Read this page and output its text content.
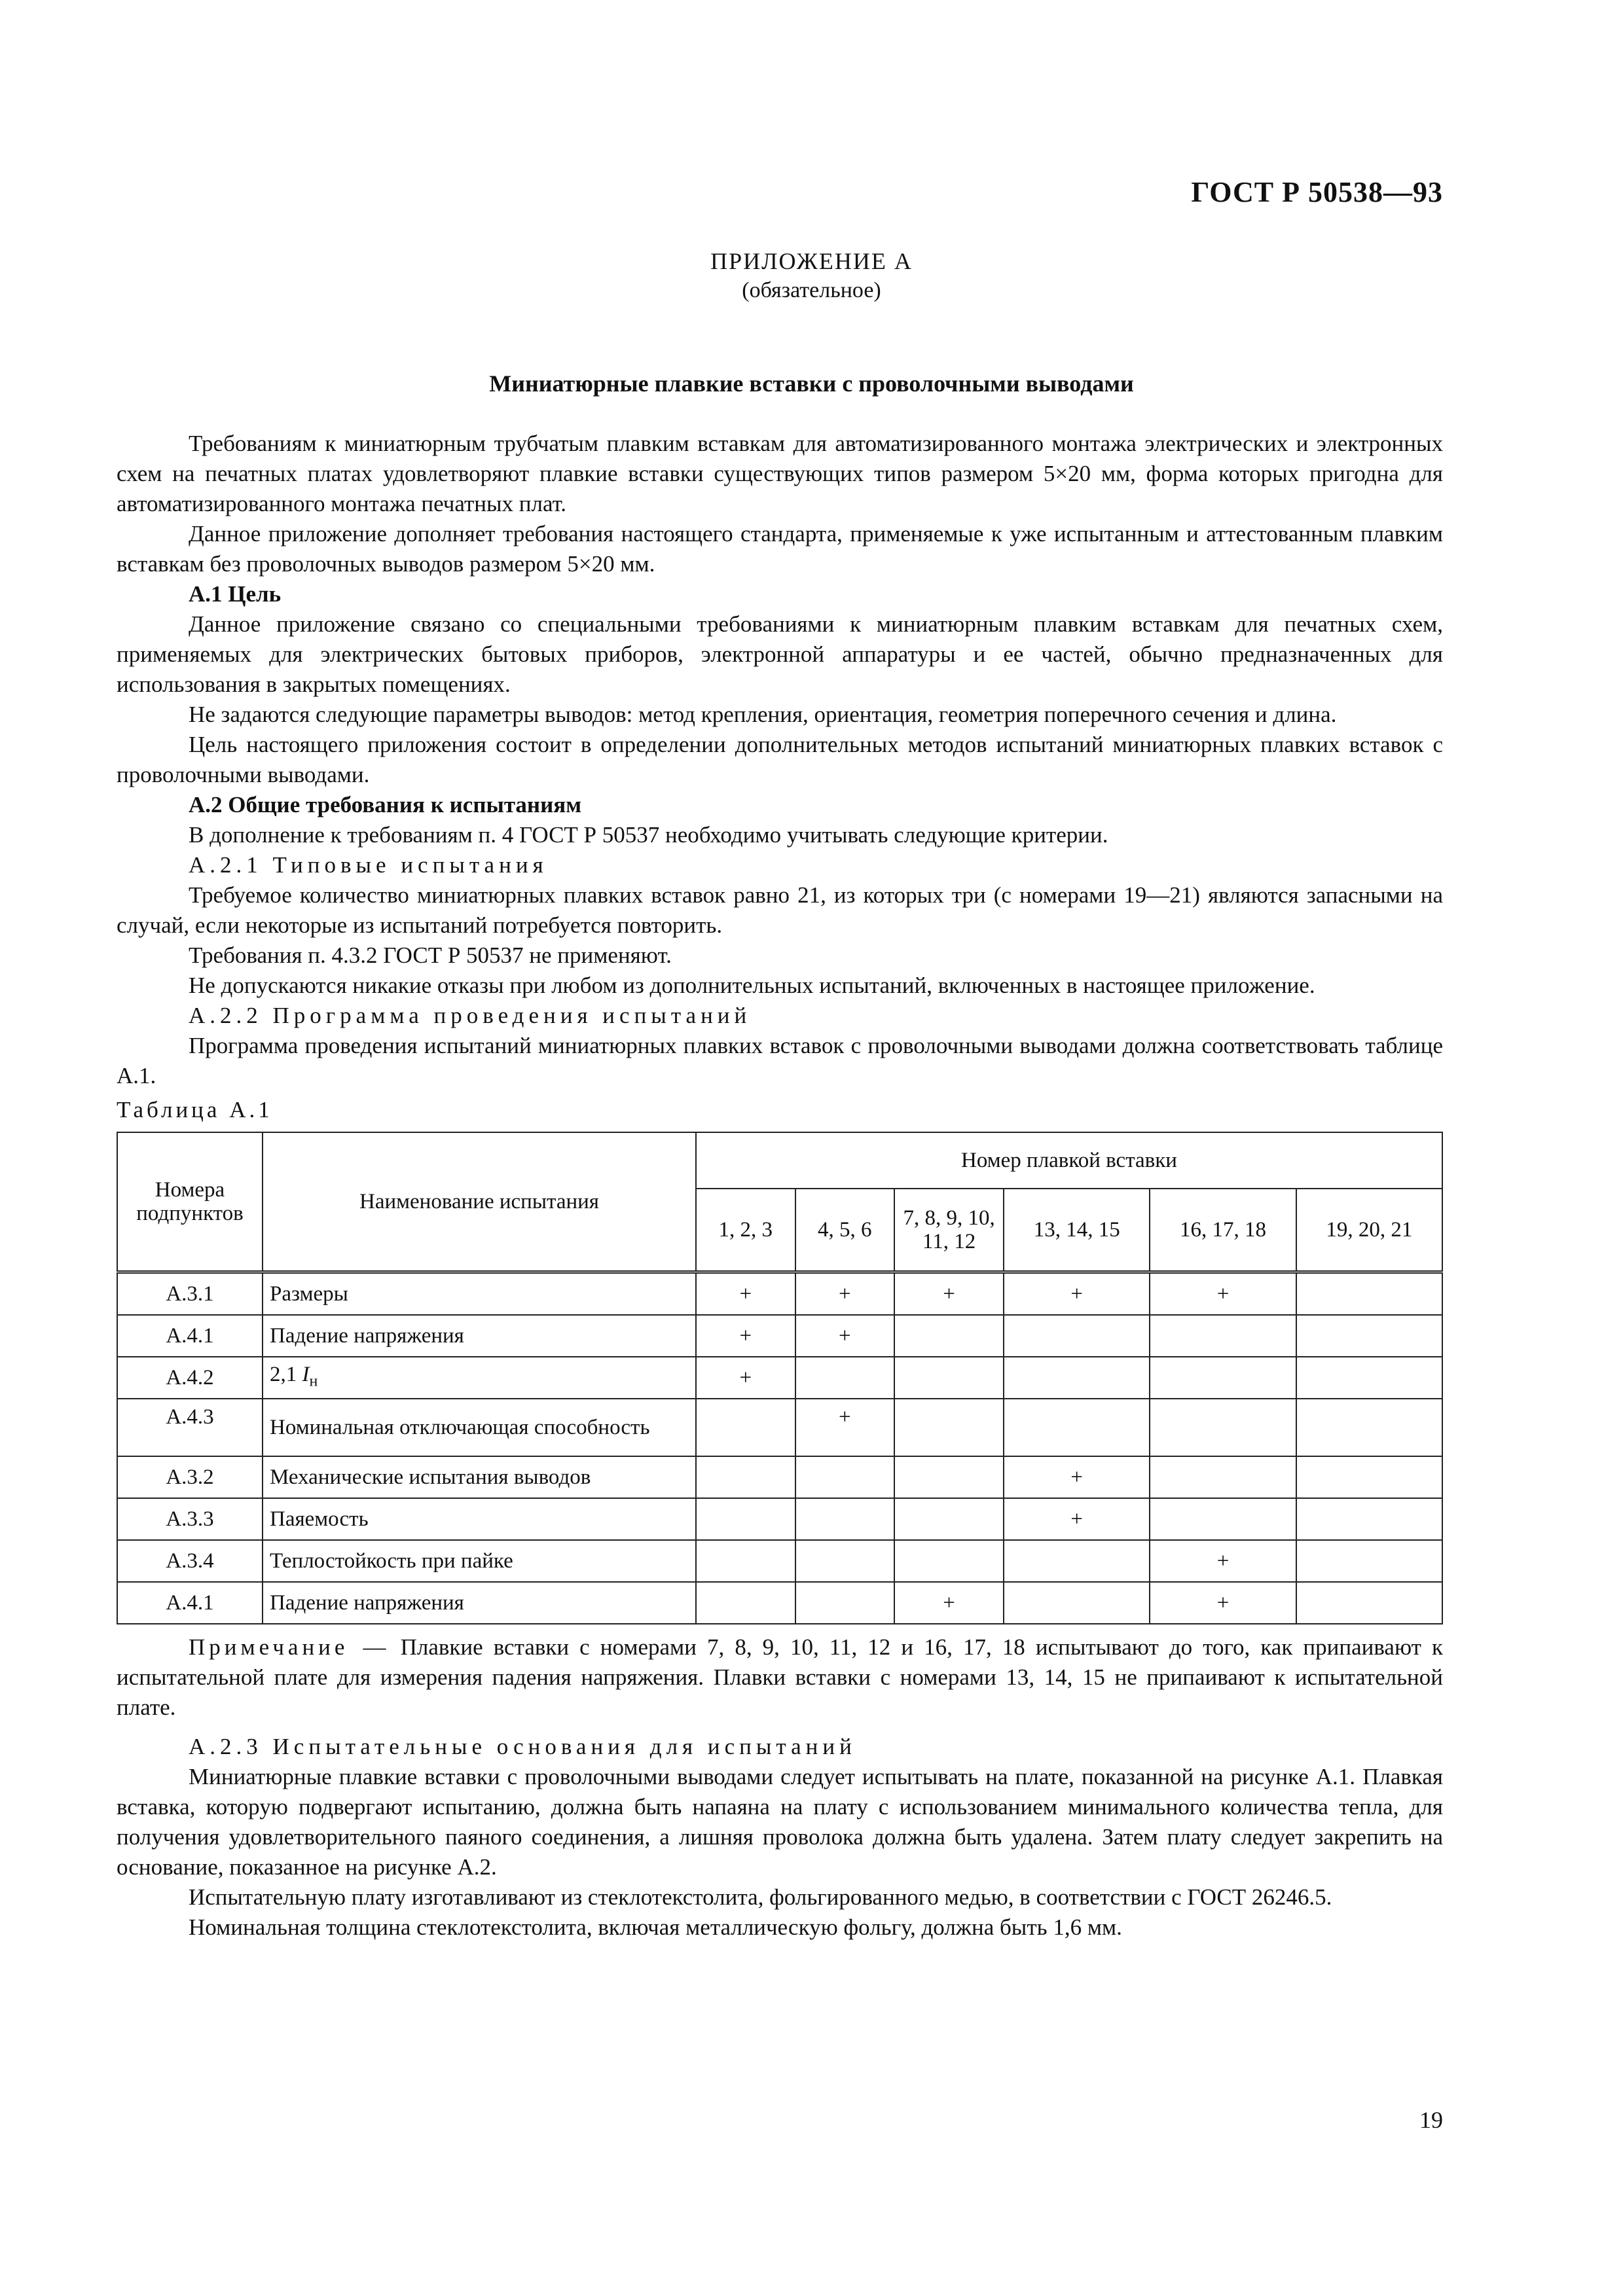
ГОСТ Р 50538—93
ПРИЛОЖЕНИЕ А
(обязательное)
Миниатюрные плавкие вставки с проволочными выводами

Требованиям к миниатюрным трубчатым плавким вставкам для автоматизированного монтажа электрических и электронных схем на печатных платах удовлетворяют плавкие вставки существующих типов размером 5×20 мм, форма которых пригодна для автоматизированного монтажа печатных плат.

Данное приложение дополняет требования настоящего стандарта, применяемые к уже испытанным и аттестованным плавким вставкам без проволочных выводов размером 5×20 мм.

А.1 Цель

Данное приложение связано со специальными требованиями к миниатюрным плавким вставкам для печатных схем, применяемых для электрических бытовых приборов, электронной аппаратуры и ее частей, обычно предназначенных для использования в закрытых помещениях.

Не задаются следующие параметры выводов: метод крепления, ориентация, геометрия поперечного сечения и длина.

Цель настоящего приложения состоит в определении дополнительных методов испытаний миниатюрных плавких вставок с проволочными выводами.

А.2 Общие требования к испытаниям

В дополнение к требованиям п. 4 ГОСТ Р 50537 необходимо учитывать следующие критерии.

А.2.1 Типовые испытания

Требуемое количество миниатюрных плавких вставок равно 21, из которых три (с номерами 19—21) являются запасными на случай, если некоторые из испытаний потребуется повторить.

Требования п. 4.3.2 ГОСТ Р 50537 не применяют.

Не допускаются никакие отказы при любом из дополнительных испытаний, включенных в настоящее приложение.

А.2.2 Программа проведения испытаний

Программа проведения испытаний миниатюрных плавких вставок с проволочными выводами должна соответствовать таблице А.1.

Таблица А.1

Номера подпунктов	Наименование испытания	Номер плавкой вставки					
		1, 2, 3	4, 5, 6	7, 8, 9, 10, 11, 12	13, 14, 15	16, 17, 18	19, 20, 21
А.3.1	Размеры	+	+	+	+	+	
А.4.1	Падение напряжения	+	+				
А.4.2	2,1 $I_н$	+					
А.4.3	Номинальная отключающая способность		+				
А.3.2	Механические испытания выводов				+		
А.3.3	Паяемость				+		
А.3.4	Теплостойкость при пайке					+	
А.4.1	Падение напряжения			+		+	

Примечание — Плавкие вставки с номерами 7, 8, 9, 10, 11, 12 и 16, 17, 18 испытывают до того, как припаивают к испытательной плате для измерения падения напряжения. Плавки вставки с номерами 13, 14, 15 не припаивают к испытательной плате.

А.2.3 Испытательные основания для испытаний

Миниатюрные плавкие вставки с проволочными выводами следует испытывать на плате, показанной на рисунке А.1. Плавкая вставка, которую подвергают испытанию, должна быть напаяна на плату с использованием минимального количества тепла, для получения удовлетворительного паяного соединения, а лишняя проволока должна быть удалена. Затем плату следует закрепить на основание, показанное на рисунке А.2.

Испытательную плату изготавливают из стеклотекстолита, фольгированного медью, в соответствии с ГОСТ 26246.5.

Номинальная толщина стеклотекстолита, включая металлическую фольгу, должна быть 1,6 мм.

19
